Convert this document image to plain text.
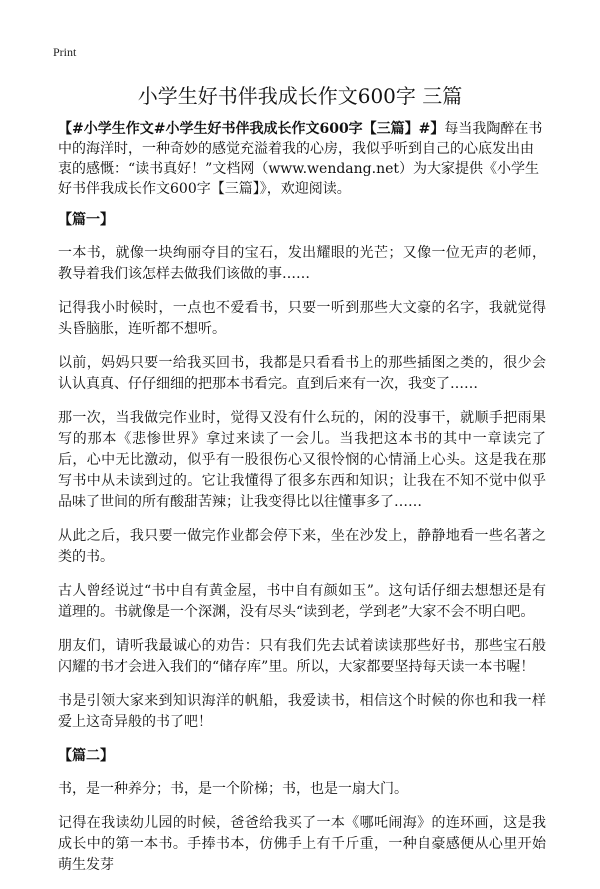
Print
小学生好书伴我成长作文600字 三篇

【#小学生作文#小学生好书伴我成长作文600字【三篇】#】每当我陶醉在书中的海洋时，一种奇妙的感觉充溢着我的心房，我似乎听到自己的心底发出由衷的感慨：“读书真好！”文档网（www.wendang.net）为大家提供《小学生好书伴我成长作文600字【三篇】》，欢迎阅读。

【篇一】

一本书，就像一块绚丽夺目的宝石，发出耀眼的光芒；又像一位无声的老师，教导着我们该怎样去做我们该做的事……

记得我小时候时，一点也不爱看书，只要一听到那些大文豪的名字，我就觉得头昏脑胀，连听都不想听。

以前，妈妈只要一给我买回书，我都是只看看书上的那些插图之类的，很少会认认真真、仔仔细细的把那本书看完。直到后来有一次，我变了……

那一次，当我做完作业时，觉得又没有什么玩的，闲的没事干，就顺手把雨果写的那本《悲惨世界》拿过来读了一会儿。当我把这本书的其中一章读完了后，心中无比激动，似乎有一股很伤心又很怜悯的心情涌上心头。这是我在那写书中从未读到过的。它让我懂得了很多东西和知识；让我在不知不觉中似乎品味了世间的所有酸甜苦辣；让我变得比以往懂事多了……

从此之后，我只要一做完作业都会停下来，坐在沙发上，静静地看一些名著之类的书。

古人曾经说过“书中自有黄金屋，书中自有颜如玉”。这句话仔细去想想还是有道理的。书就像是一个深渊，没有尽头“读到老，学到老”大家不会不明白吧。

朋友们，请听我最诚心的劝告：只有我们先去试着读读那些好书，那些宝石般闪耀的书才会进入我们的“储存库”里。所以，大家都要坚持每天读一本书喔！

书是引领大家来到知识海洋的帆船，我爱读书，相信这个时候的你也和我一样爱上这奇异般的书了吧！

【篇二】

书，是一种养分；书，是一个阶梯；书，也是一扇大门。

记得在我读幼儿园的时候，爸爸给我买了一本《哪吒闹海》的连环画，这是我成长中的第一本书。手捧书本，仿佛手上有千斤重，一种自豪感便从心里开始萌生发芽
